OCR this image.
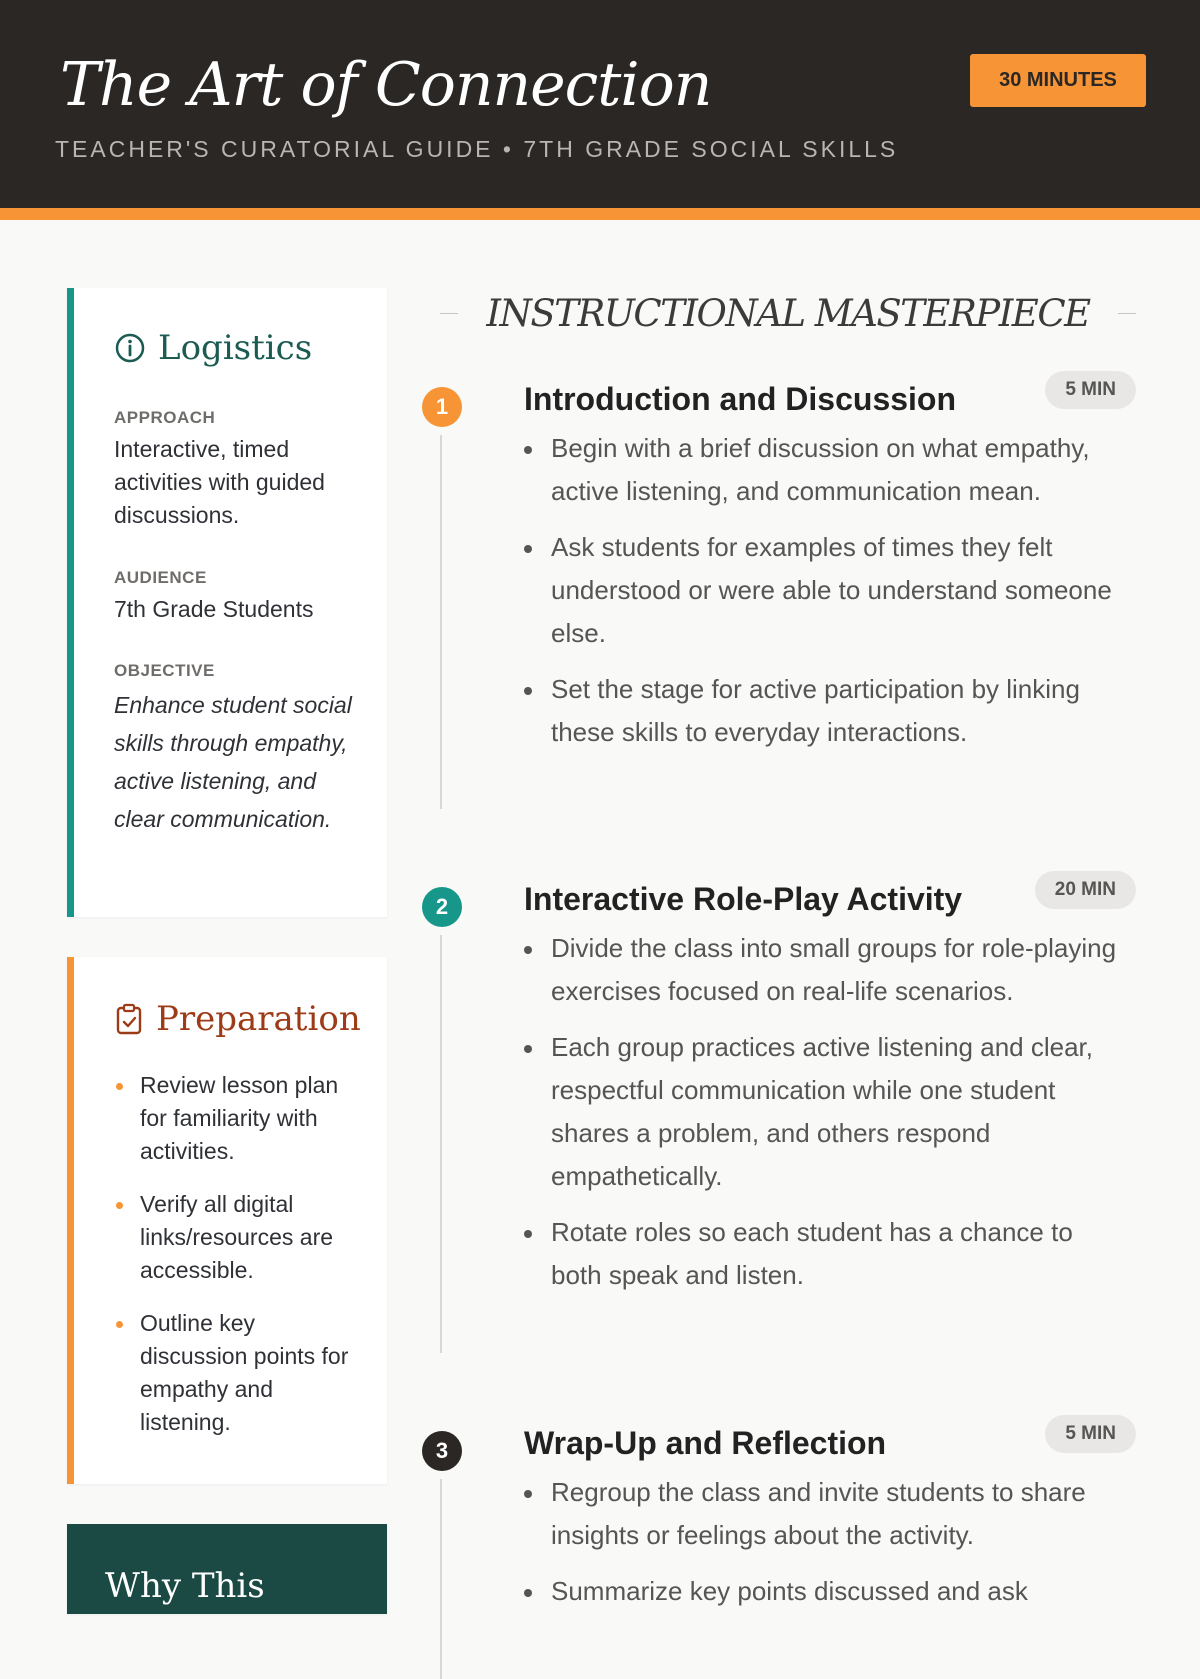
The Art of Connection
TEACHER'S CURATORIAL GUIDE • 7TH GRADE SOCIAL SKILLS
30 MINUTES
Logistics
APPROACH
Interactive, timed activities with guided discussions.
AUDIENCE
7th Grade Students
OBJECTIVE
Enhance student social skills through empathy, active listening, and clear communication.
Preparation
Review lesson plan for familiarity with activities.
Verify all digital links/resources are accessible.
Outline key discussion points for empathy and listening.
Why This
INSTRUCTIONAL MASTERPIECE
1	Introduction and Discussion	5 MIN
Begin with a brief discussion on what empathy, active listening, and communication mean.
Ask students for examples of times they felt understood or were able to understand someone else.
Set the stage for active participation by linking these skills to everyday interactions.
2	Interactive Role-Play Activity	20 MIN
Divide the class into small groups for role-playing exercises focused on real-life scenarios.
Each group practices active listening and clear, respectful communication while one student shares a problem, and others respond empathetically.
Rotate roles so each student has a chance to both speak and listen.
3	Wrap-Up and Reflection	5 MIN
Regroup the class and invite students to share insights or feelings about the activity.
Summarize key points discussed and ask
